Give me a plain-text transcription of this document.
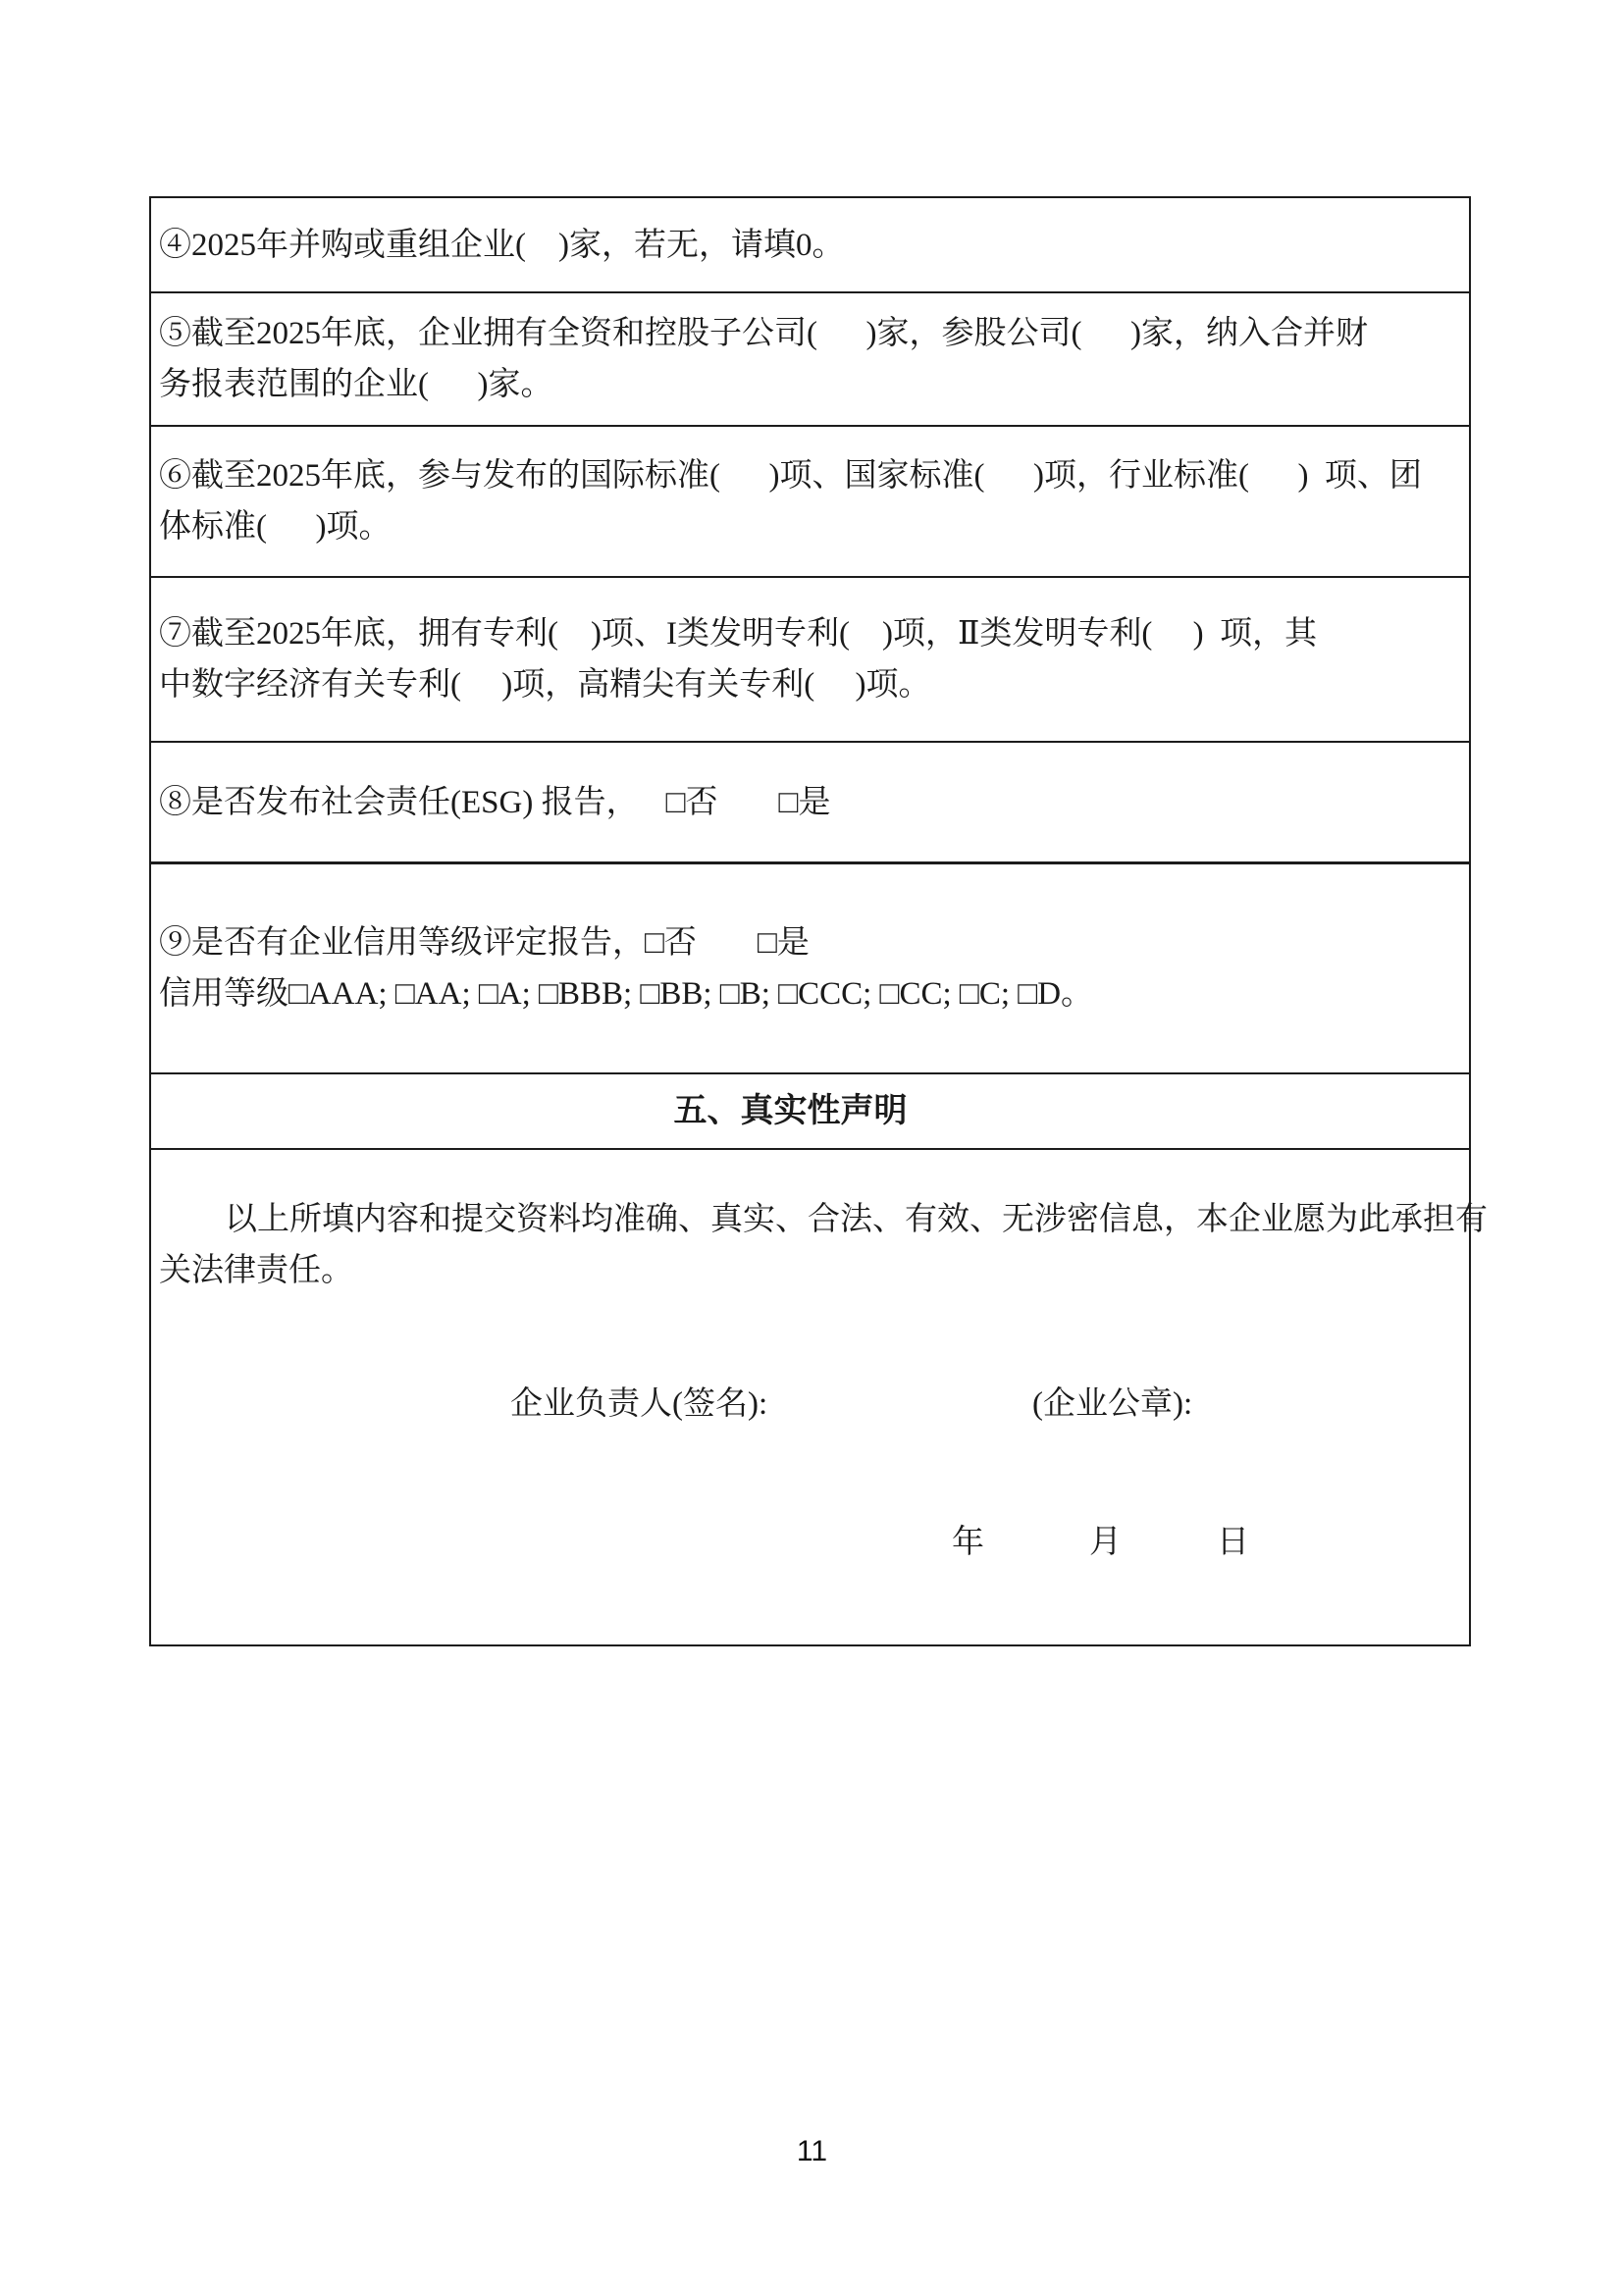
④2025年并购或重组企业(    )家，若无，请填0。
⑤截至2025年底，企业拥有全资和控股子公司(      )家，参股公司(      )家，纳入合并财
务报表范围的企业(      )家。
⑥截至2025年底，参与发布的国际标准(      )项、国家标准(      )项，行业标准(      )  项、团
体标准(      )项。
⑦截至2025年底，拥有专利(    )项、I类发明专利(    )项，Ⅱ类发明专利(     )  项，其
中数字经济有关专利(     )项，高精尖有关专利(     )项。
⑧是否发布社会责任(ESG) 报告， □否 □是
⑨是否有企业信用等级评定报告，□否 □是
信用等级□AAA; □AA; □A; □BBB; □BB; □B; □CCC; □CC; □C; □D。
五、真实性声明
以上所填内容和提交资料均准确、真实、合法、有效、无涉密信息，本企业愿为此承担有
关法律责任。
企业负责人(签名):	(企业公章):
年	月	日
11
